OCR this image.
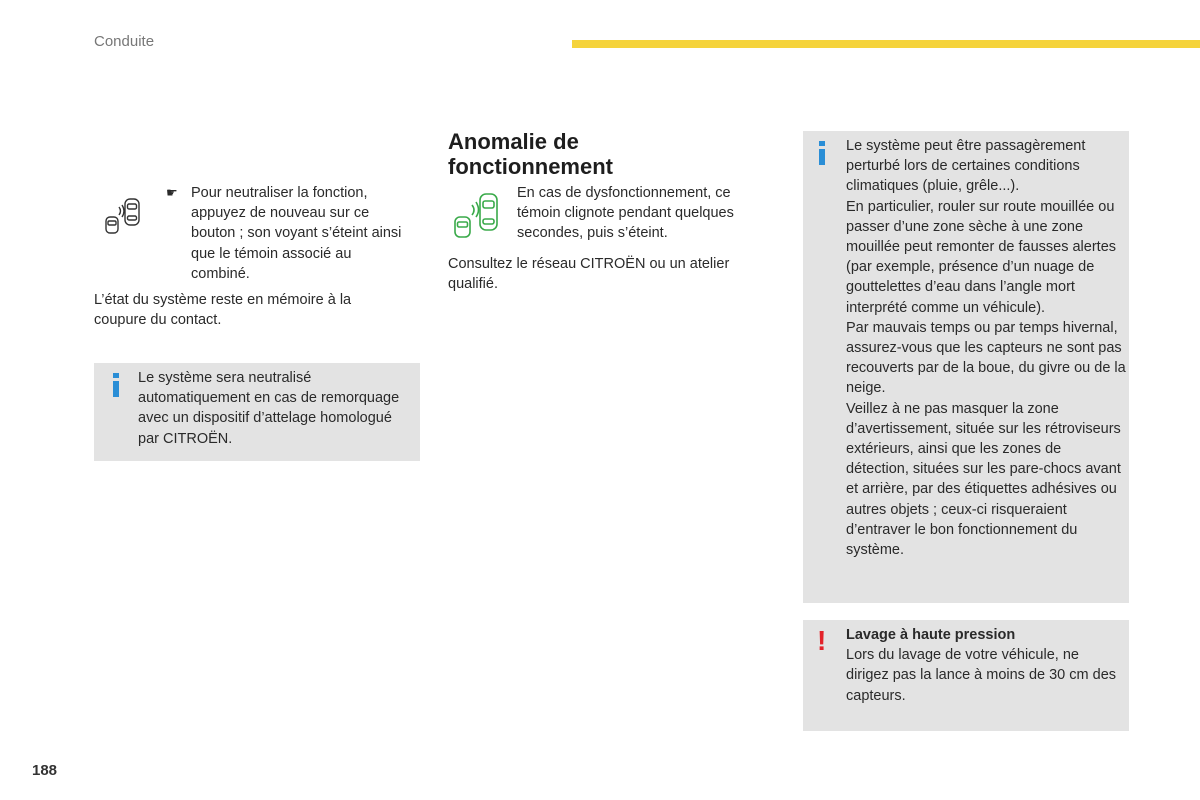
Conduite
☛ Pour neutraliser la fonction, appuyez de nouveau sur ce bouton ; son voyant s’éteint ainsi que le témoin associé au combiné.

L’état du système reste en mémoire à la coupure du contact.

Le système sera neutralisé automatiquement en cas de remorquage avec un dispositif d’attelage homologué par CITROËN.

Anomalie de
fonctionnement

En cas de dysfonctionnement, ce témoin clignote pendant quelques secondes, puis s’éteint.

Consultez le réseau CITROËN ou un atelier qualifié.

Le système peut être passagèrement perturbé lors de certaines conditions climatiques (pluie, grêle...).

En particulier, rouler sur route mouillée ou passer d’une zone sèche à une zone mouillée peut remonter de fausses alertes (par exemple, présence d’un nuage de gouttelettes d’eau dans l’angle mort interprété comme un véhicule).

Par mauvais temps ou par temps hivernal, assurez-vous que les capteurs ne sont pas recouverts par de la boue, du givre ou de la neige.

Veillez à ne pas masquer la zone d’avertissement, située sur les rétroviseurs extérieurs, ainsi que les zones de détection, situées sur les pare-chocs avant et arrière, par des étiquettes adhésives ou autres objets ; ceux-ci risqueraient d’entraver le bon fonctionnement du système.

! Lavage à haute pression

Lors du lavage de votre véhicule, ne dirigez pas la lance à moins de 30 cm des capteurs.

188
